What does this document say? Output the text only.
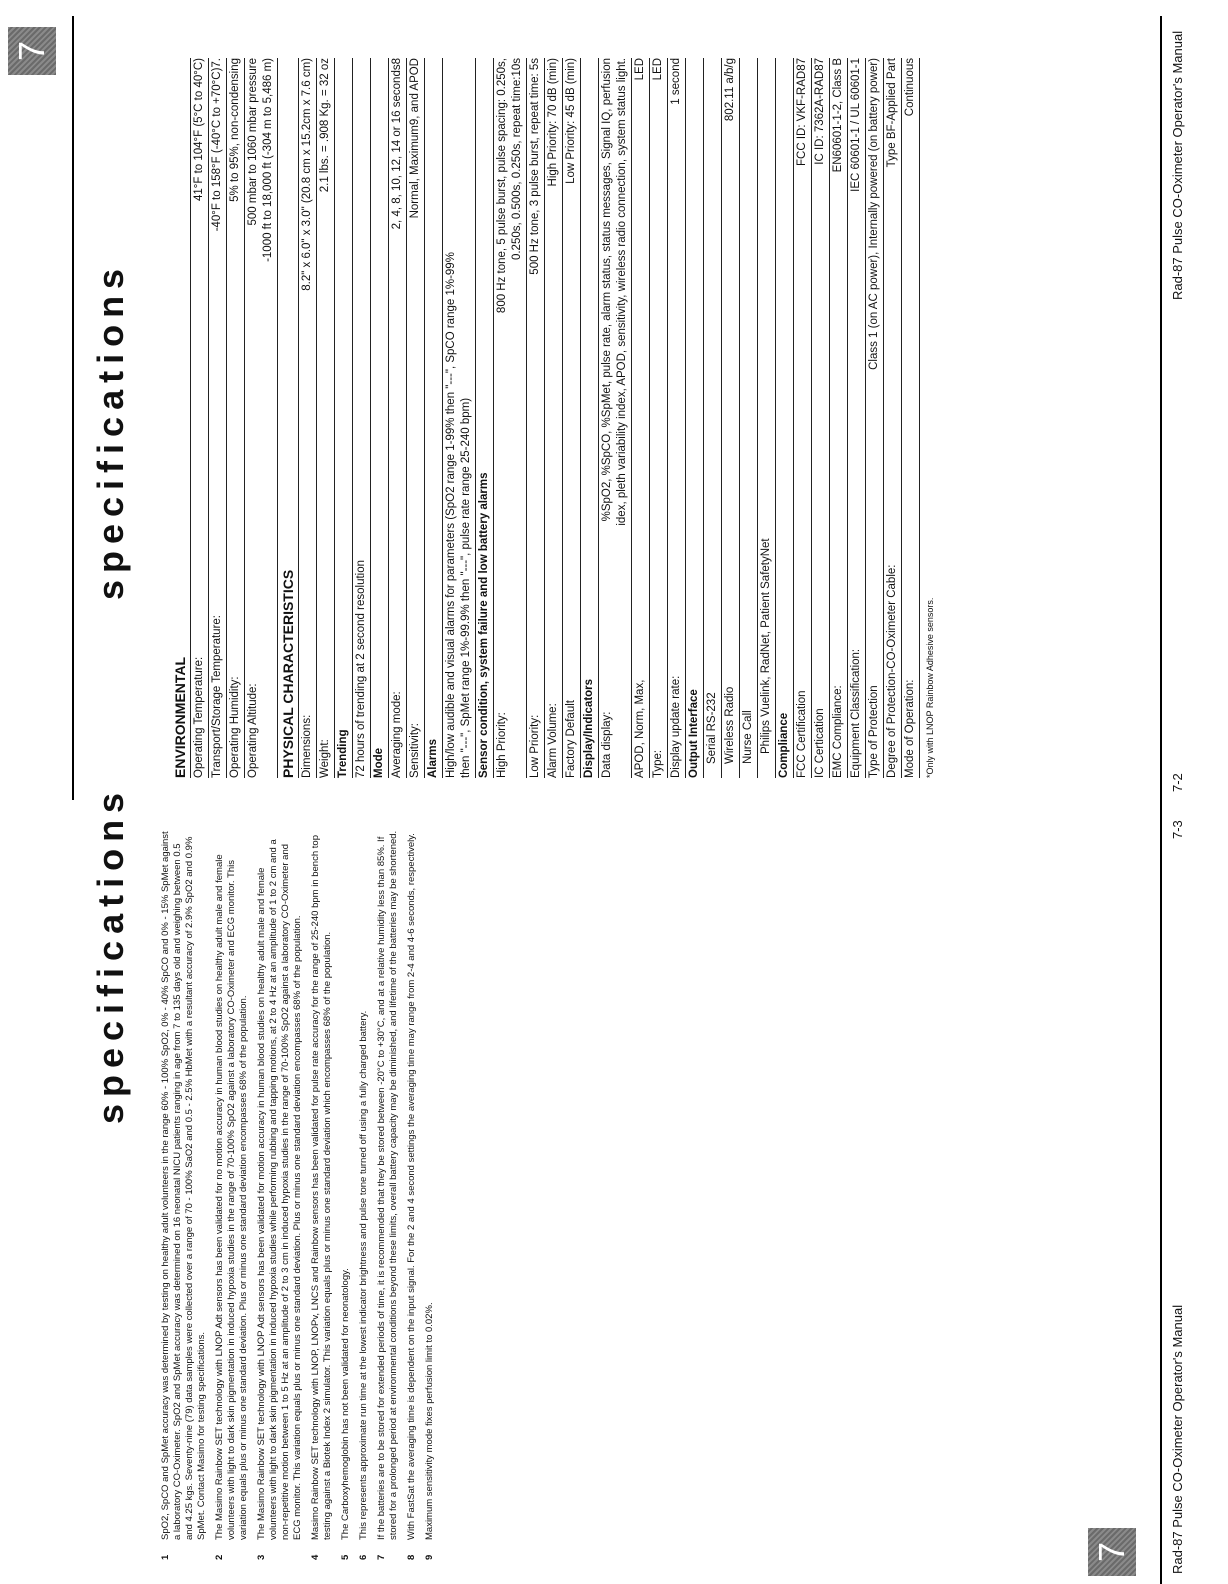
7
specifications
ENVIRONMENTAL Operating Temperature:
41°F to 104°F (5°C to 40°C)
Transport/Storage Temperature:
-40°F to 158°F (-40°C to +70°C)7.
Operating Humidity:
5% to 95%, non-condensing
Operating Altitude:
500 mbar to 1060 mbar pressure -1000 ft to 18,000 ft (-304 m to 5,486 m)
PHYSICAL CHARACTERISTICS Dimensions:
8.2" x 6.0" x 3.0" (20.8 cm x 15.2cm x 7.6 cm)
Weight:
2.1 lbs. = .908 Kg. = 32 oz
Trending 72 hours of trending at 2 second resolution Mode Averaging mode:
2, 4, 8, 10, 12, 14 or 16 seconds8
Sensitivity:
Normal, Maximum9, and APOD
Alarms High/low audible and visual alarms for parameters (SpO2 range 1-99% then "---", SpCO range 1%-99% then "---", SpMet range 1%-99.9% then "---", pulse rate range 25-240 bpm) Sensor condition, system failure and low battery alarms High Priority:
800 Hz tone, 5 pulse burst, pulse spacing: 0.250s, 0.250s, 0.500s, 0.250s, repeat time:10s
Low Priority:
500 Hz tone, 3 pulse burst, repeat time: 5s
Alarm Volume:
High Priority: 70 dB (min)
Factory Default
Low Priority: 45 dB (min)
Display/Indicators Data display:
%SpO2, %SpCO, %SpMet, pulse rate, alarm status, status messages, Signal IQ, perfusion idex, pleth variability index, APOD, sensitivity, wireless radio connection, system status light.
APOD, Norm, Max,
LED
Type:
LED
Display update rate:
1 second
Output Interface Serial RS-232 Wireless Radio
802.11 a/b/g
Nurse Call Philips Vuelink, RadNet, Patient SafetyNet Compliance FCC Certification
FCC ID: VKF-RAD87
IC Certication
IC ID: 7362A-RAD87
EMC Compliance:
EN60601-1-2, Class B
Equipment Classification:
IEC 60601-1 / UL 60601-1
Type of Protection
Class 1 (on AC power), Internally powered (on battery power)
Degree of Protection-CO-Oximeter Cable:
Type BF-Applied Part
Mode of Operation:
Continuous
*Only with LNOP Rainbow Adhesive sensors.
Rad-87 Pulse CO-Oximeter Operator's Manual
7-2
7
specifications
1
SpO2, SpCO and SpMet accuracy was determined by testing on healthy adult volunteers in the range 60% - 100% SpO2, 0% - 40% SpCO and 0% - 15% SpMet against a laboratory CO-Oximeter. SpO2 and SpMet accuracy was determined on 16 neonatal NICU patients ranging in age from 7 to 135 days old and weighing between 0.5 and 4.25 kgs. Seventy-nine (79) data samples were collected over a range of 70 - 100% SaO2 and 0.5 - 2.5% HbMet with a resultant accuracy of 2.9% SpO2 and 0.9% SpMet. Contact Masimo for testing specifications.
2
The Masimo Rainbow SET technology with LNOP Adt sensors has been validated for no motion accuracy in human blood studies on healthy adult male and female volunteers with light to dark skin pigmentation in induced hypoxia studies in the range of 70-100% SpO2 against a laboratory CO-Oximeter and ECG monitor. This variation equals plus or minus one standard deviation. Plus or minus one standard deviation encompasses 68% of the population.
3
The Masimo Rainbow SET technology with LNOP Adt sensors has been validated for motion accuracy in human blood studies on healthy adult male and female volunteers with light to dark skin pigmentation in induced hypoxia studies while performing rubbing and tapping motions, at 2 to 4 Hz at an amplitude of 1 to 2 cm and a non-repetitive motion between 1 to 5 Hz at an amplitude of 2 to 3 cm in induced hypoxia studies in the range of 70-100% SpO2 against a laboratory CO-Oximeter and ECG monitor. This variation equals plus or minus one standard deviation. Plus or minus one standard deviation encompasses 68% of the population.
4
Masimo Rainbow SET technology with LNOP, LNOPv, LNCS and Rainbow sensors has been validated for pulse rate accuracy for the range of 25-240 bpm in bench top testing against a Biotek Index 2 simulator. This variation equals plus or minus one standard deviation which encompasses 68% of the population.
5
The Carboxyhemoglobin has not been validated for neonatology.
6
This represents approximate run time at the lowest indicator brightness and pulse tone turned off using a fully charged battery.
7
If the batteries are to be stored for extended periods of time, it is recommended that they be stored between -20°C to +30°C, and at a relative humidity less than 85%. If stored for a prolonged period at environmental conditions beyond these limits, overall battery capacity may be diminished, and lifetime of the batteries may be shortened.
8
With FastSat the averaging time is dependent on the input signal. For the 2 and 4 second settings the averaging time may range from 2-4 and 4-6 seconds, respectively.
9
Maximum sensitivity mode fixes perfusion limit to 0.02%.	Rad-87 Pulse CO-Oximeter Operator's Manual
7-3
